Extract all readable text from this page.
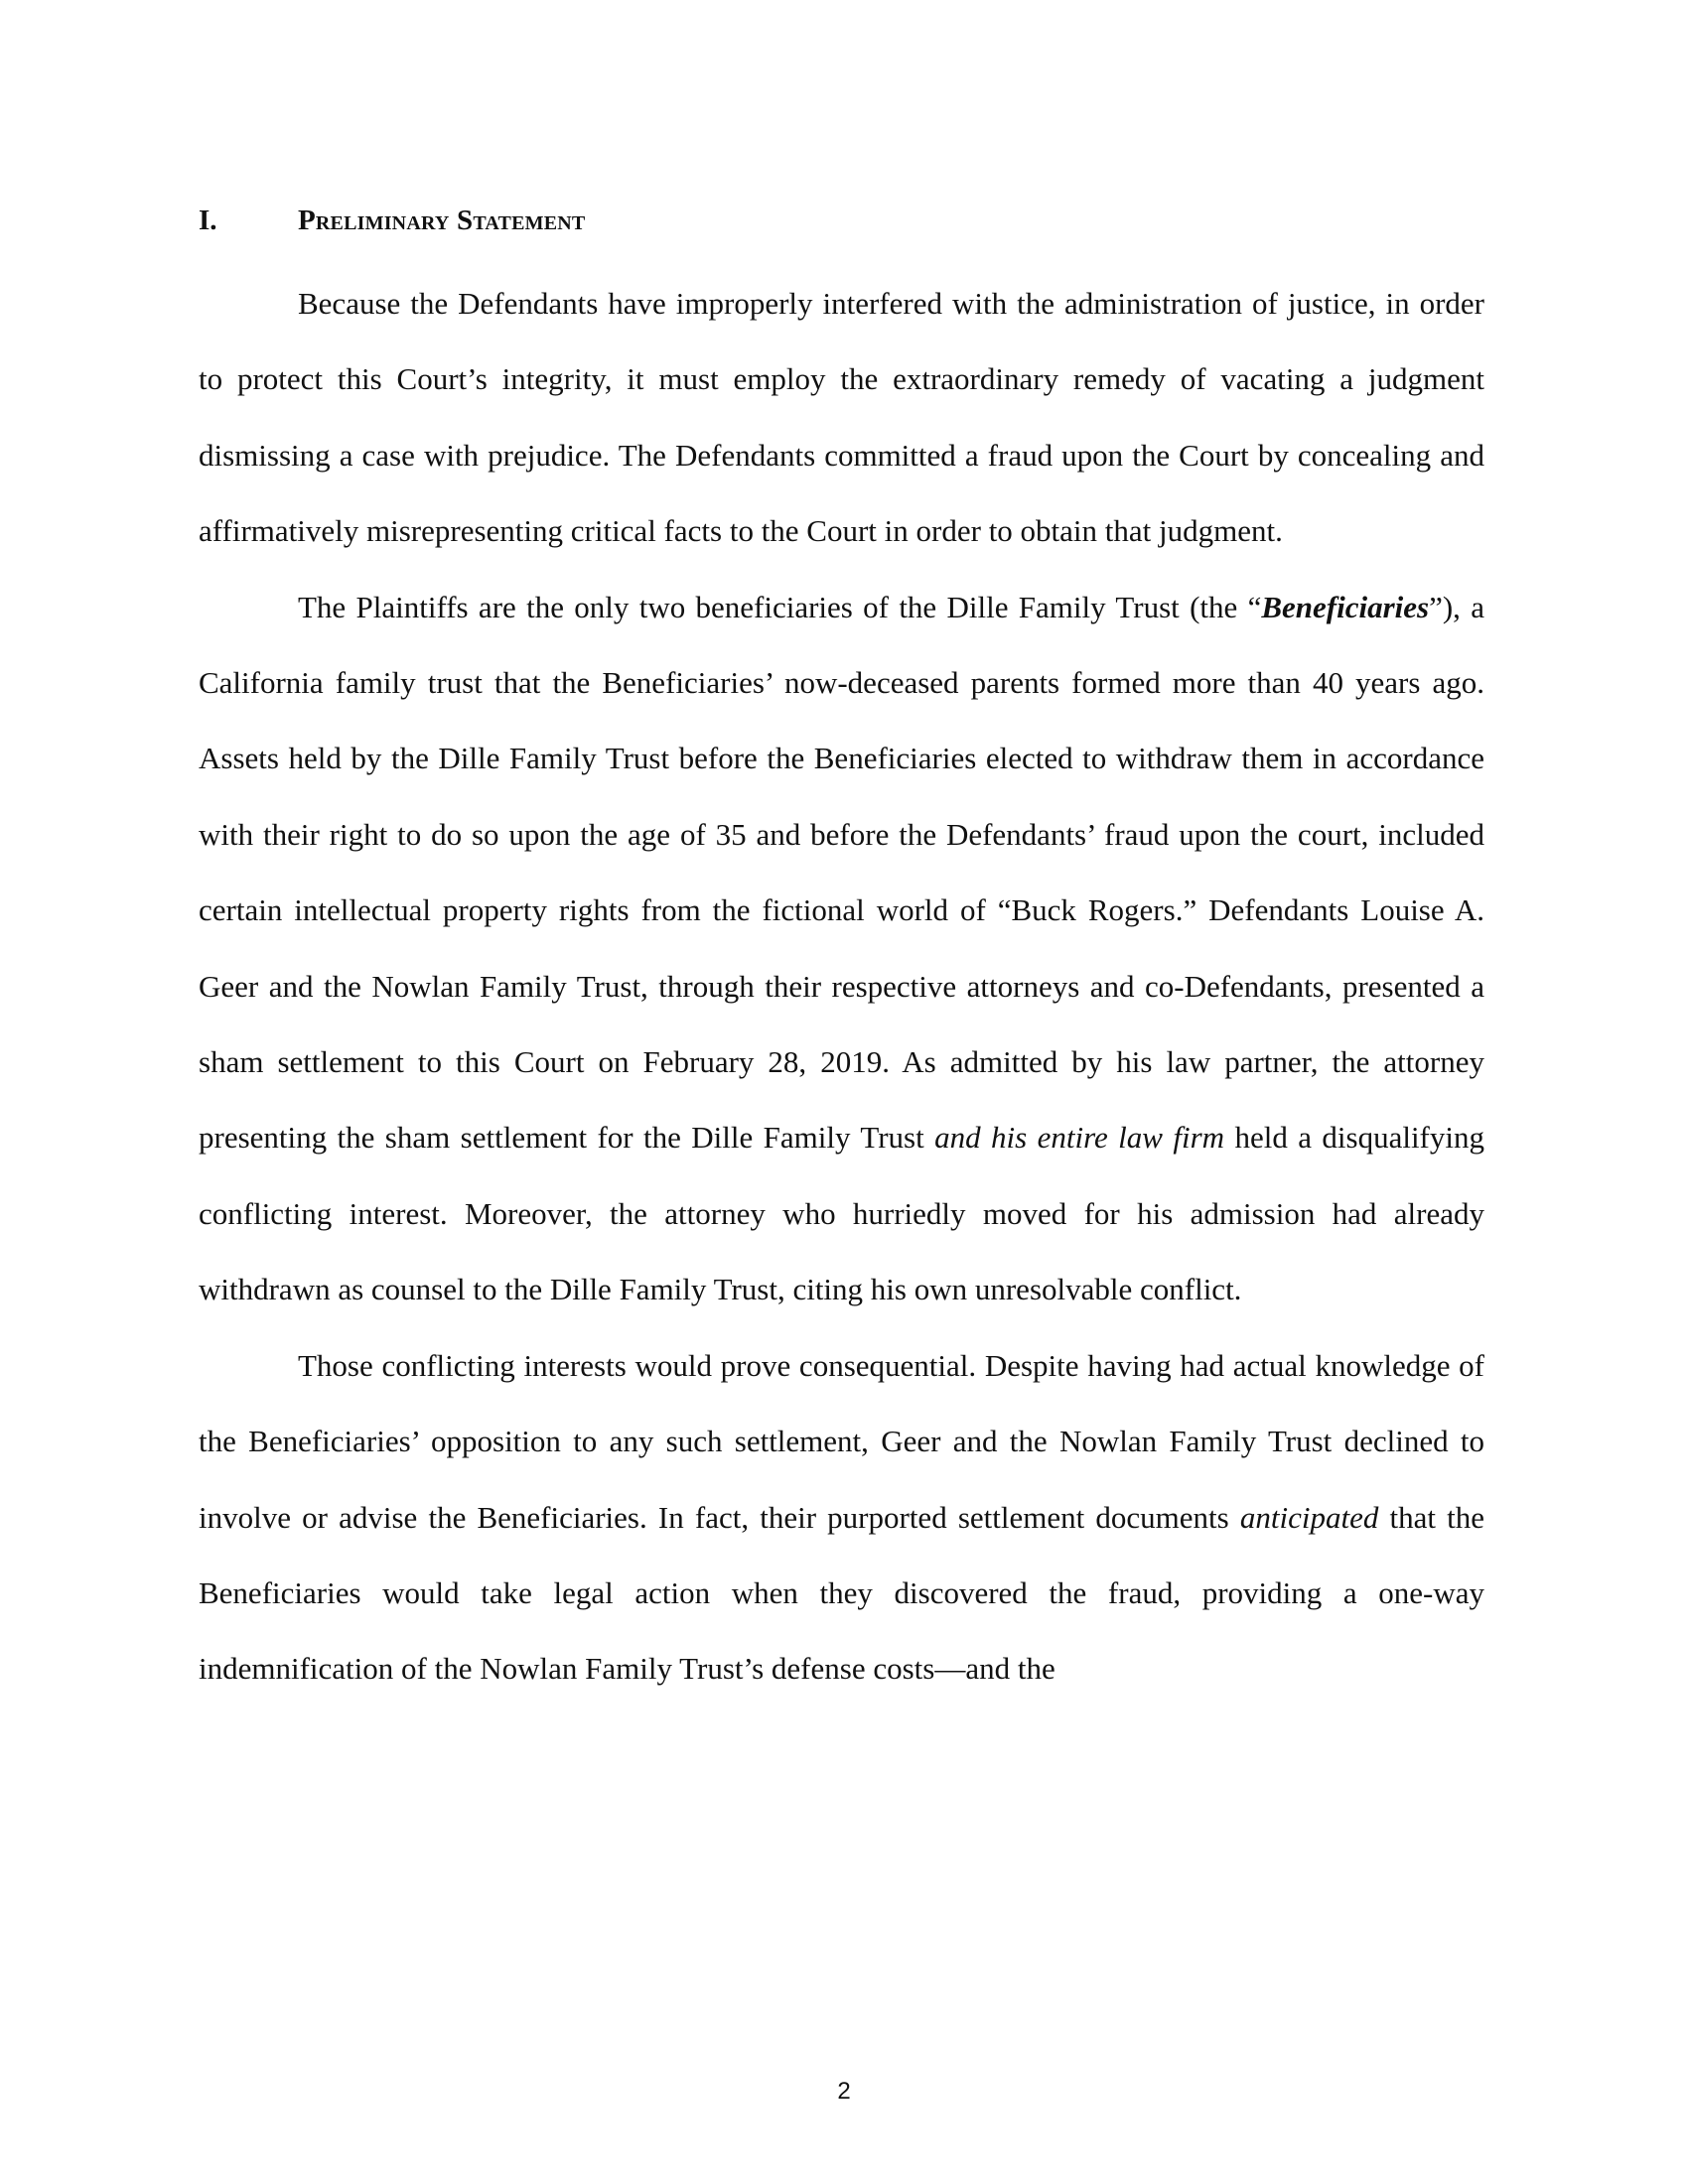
I.	Preliminary Statement

Because the Defendants have improperly interfered with the administration of justice, in order to protect this Court’s integrity, it must employ the extraordinary remedy of vacating a judgment dismissing a case with prejudice. The Defendants committed a fraud upon the Court by concealing and affirmatively misrepresenting critical facts to the Court in order to obtain that judgment.

The Plaintiffs are the only two beneficiaries of the Dille Family Trust (the “Beneficiaries”), a California family trust that the Beneficiaries’ now-deceased parents formed more than 40 years ago. Assets held by the Dille Family Trust before the Beneficiaries elected to withdraw them in accordance with their right to do so upon the age of 35 and before the Defendants’ fraud upon the court, included certain intellectual property rights from the fictional world of “Buck Rogers.” Defendants Louise A. Geer and the Nowlan Family Trust, through their respective attorneys and co-Defendants, presented a sham settlement to this Court on February 28, 2019. As admitted by his law partner, the attorney presenting the sham settlement for the Dille Family Trust and his entire law firm held a disqualifying conflicting interest. Moreover, the attorney who hurriedly moved for his admission had already withdrawn as counsel to the Dille Family Trust, citing his own unresolvable conflict.

Those conflicting interests would prove consequential. Despite having had actual knowledge of the Beneficiaries’ opposition to any such settlement, Geer and the Nowlan Family Trust declined to involve or advise the Beneficiaries. In fact, their purported settlement documents anticipated that the Beneficiaries would take legal action when they discovered the fraud, providing a one-way indemnification of the Nowlan Family Trust’s defense costs—and the

2
